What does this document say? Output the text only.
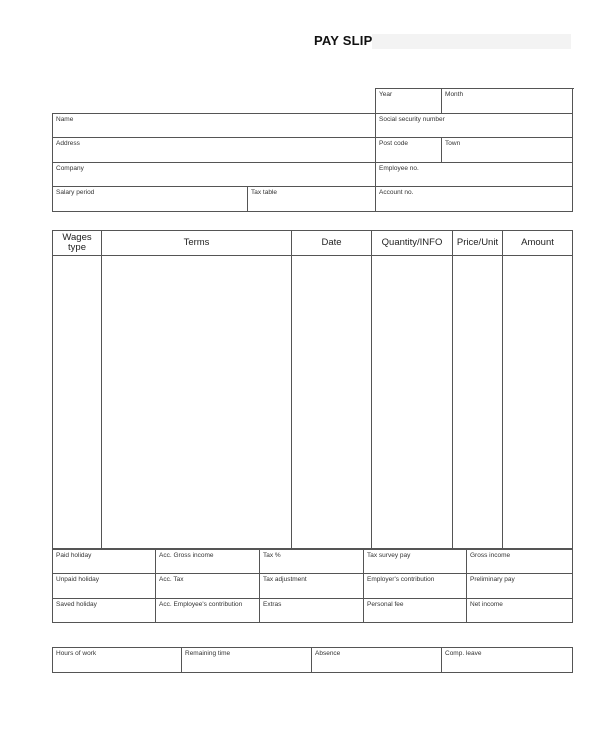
PAY SLIP
		Year	Month	
Name		Social security number	
Address		Post code	Town	
Company		Employee no.	
Salary period	Tax table	Account no.	
Wages type	Terms	Date	Quantity/INFO	Price/Unit	Amount

Paid holiday	Acc. Gross income	Tax %	Tax survey pay	Gross income
Unpaid holiday	Acc. Tax	Tax adjustment	Employer's contribution	Preliminary pay
Saved holiday	Acc. Employee's contribution	Extras	Personal fee	Net income
Hours of work	Remaining time	Absence	Comp. leave
